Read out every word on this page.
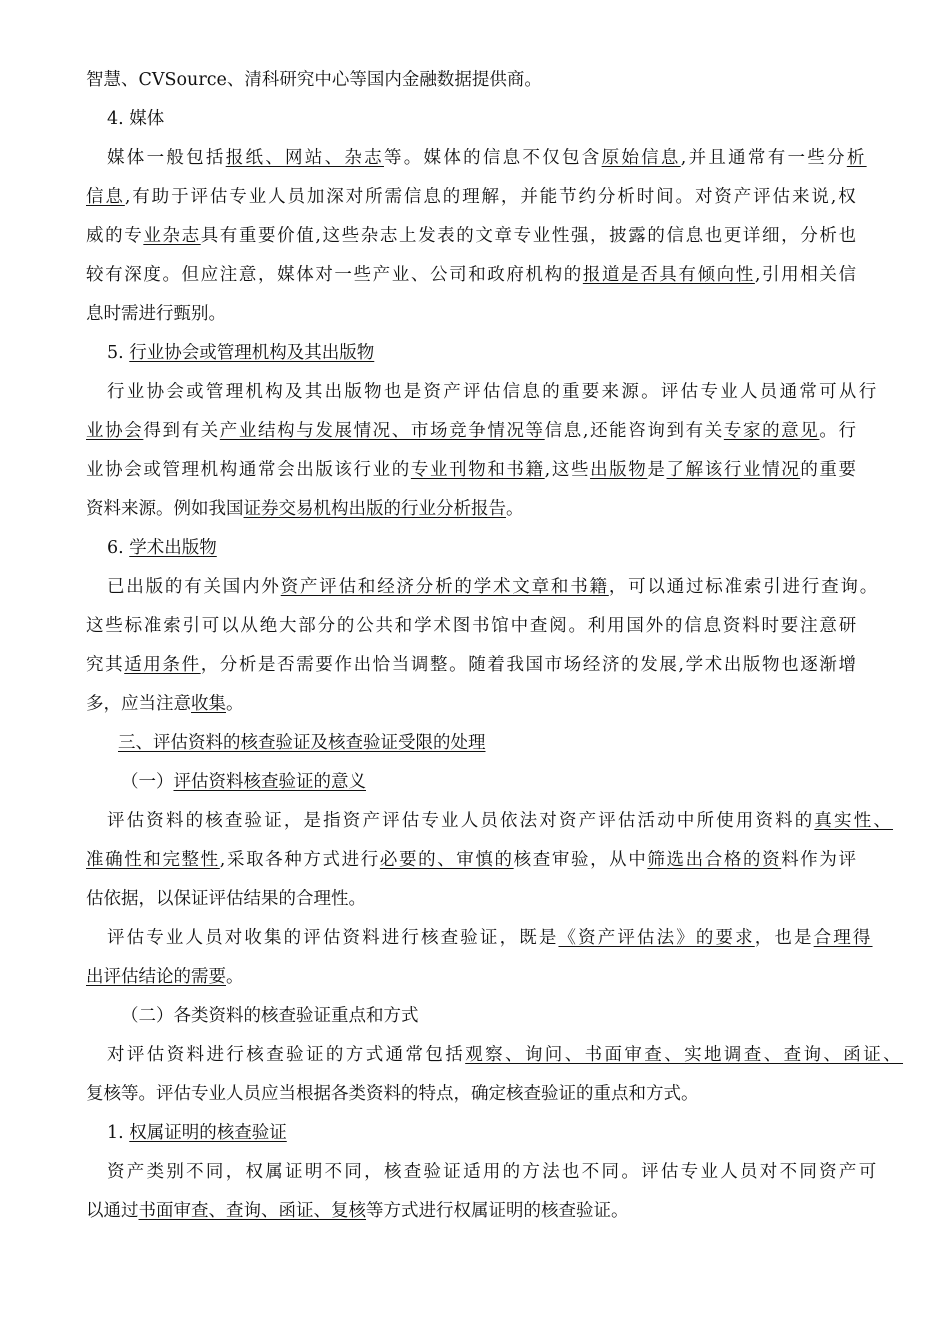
智慧、CVSource、清科研究中心等国内金融数据提供商。
4. 媒体
媒体一般包括报纸、网站、杂志等。媒体的信息不仅包含原始信息,并且通常有一些分析
信息,有助于评估专业人员加深对所需信息的理解，并能节约分析时间。对资产评估来说,权
威的专业杂志具有重要价值,这些杂志上发表的文章专业性强，披露的信息也更详细，分析也
较有深度。但应注意，媒体对一些产业、公司和政府机构的报道是否具有倾向性,引用相关信
息时需进行甄别。
5. 行业协会或管理机构及其出版物
行业协会或管理机构及其出版物也是资产评估信息的重要来源。评估专业人员通常可从行
业协会得到有关产业结构与发展情况、市场竞争情况等信息,还能咨询到有关专家的意见。行
业协会或管理机构通常会出版该行业的专业刊物和书籍,这些出版物是了解该行业情况的重要
资料来源。例如我国证券交易机构出版的行业分析报告。
6. 学术出版物
已出版的有关国内外资产评估和经济分析的学术文章和书籍，可以通过标准索引进行查询。
这些标准索引可以从绝大部分的公共和学术图书馆中查阅。利用国外的信息资料时要注意研
究其适用条件，分析是否需要作出恰当调整。随着我国市场经济的发展,学术出版物也逐渐增
多，应当注意收集。
三、评估资料的核查验证及核查验证受限的处理
（一）评估资料核查验证的意义
评估资料的核查验证，是指资产评估专业人员依法对资产评估活动中所使用资料的真实性、
准确性和完整性,采取各种方式进行必要的、审慎的核查审验，从中筛选出合格的资料作为评
估依据，以保证评估结果的合理性。
评估专业人员对收集的评估资料进行核查验证，既是《资产评估法》的要求，也是合理得
出评估结论的需要。
（二）各类资料的核查验证重点和方式
对评估资料进行核查验证的方式通常包括观察、询问、书面审查、实地调查、查询、函证、
复核等。评估专业人员应当根据各类资料的特点，确定核查验证的重点和方式。
1. 权属证明的核查验证
资产类别不同，权属证明不同，核查验证适用的方法也不同。评估专业人员对不同资产可
以通过书面审查、查询、函证、复核等方式进行权属证明的核查验证。
